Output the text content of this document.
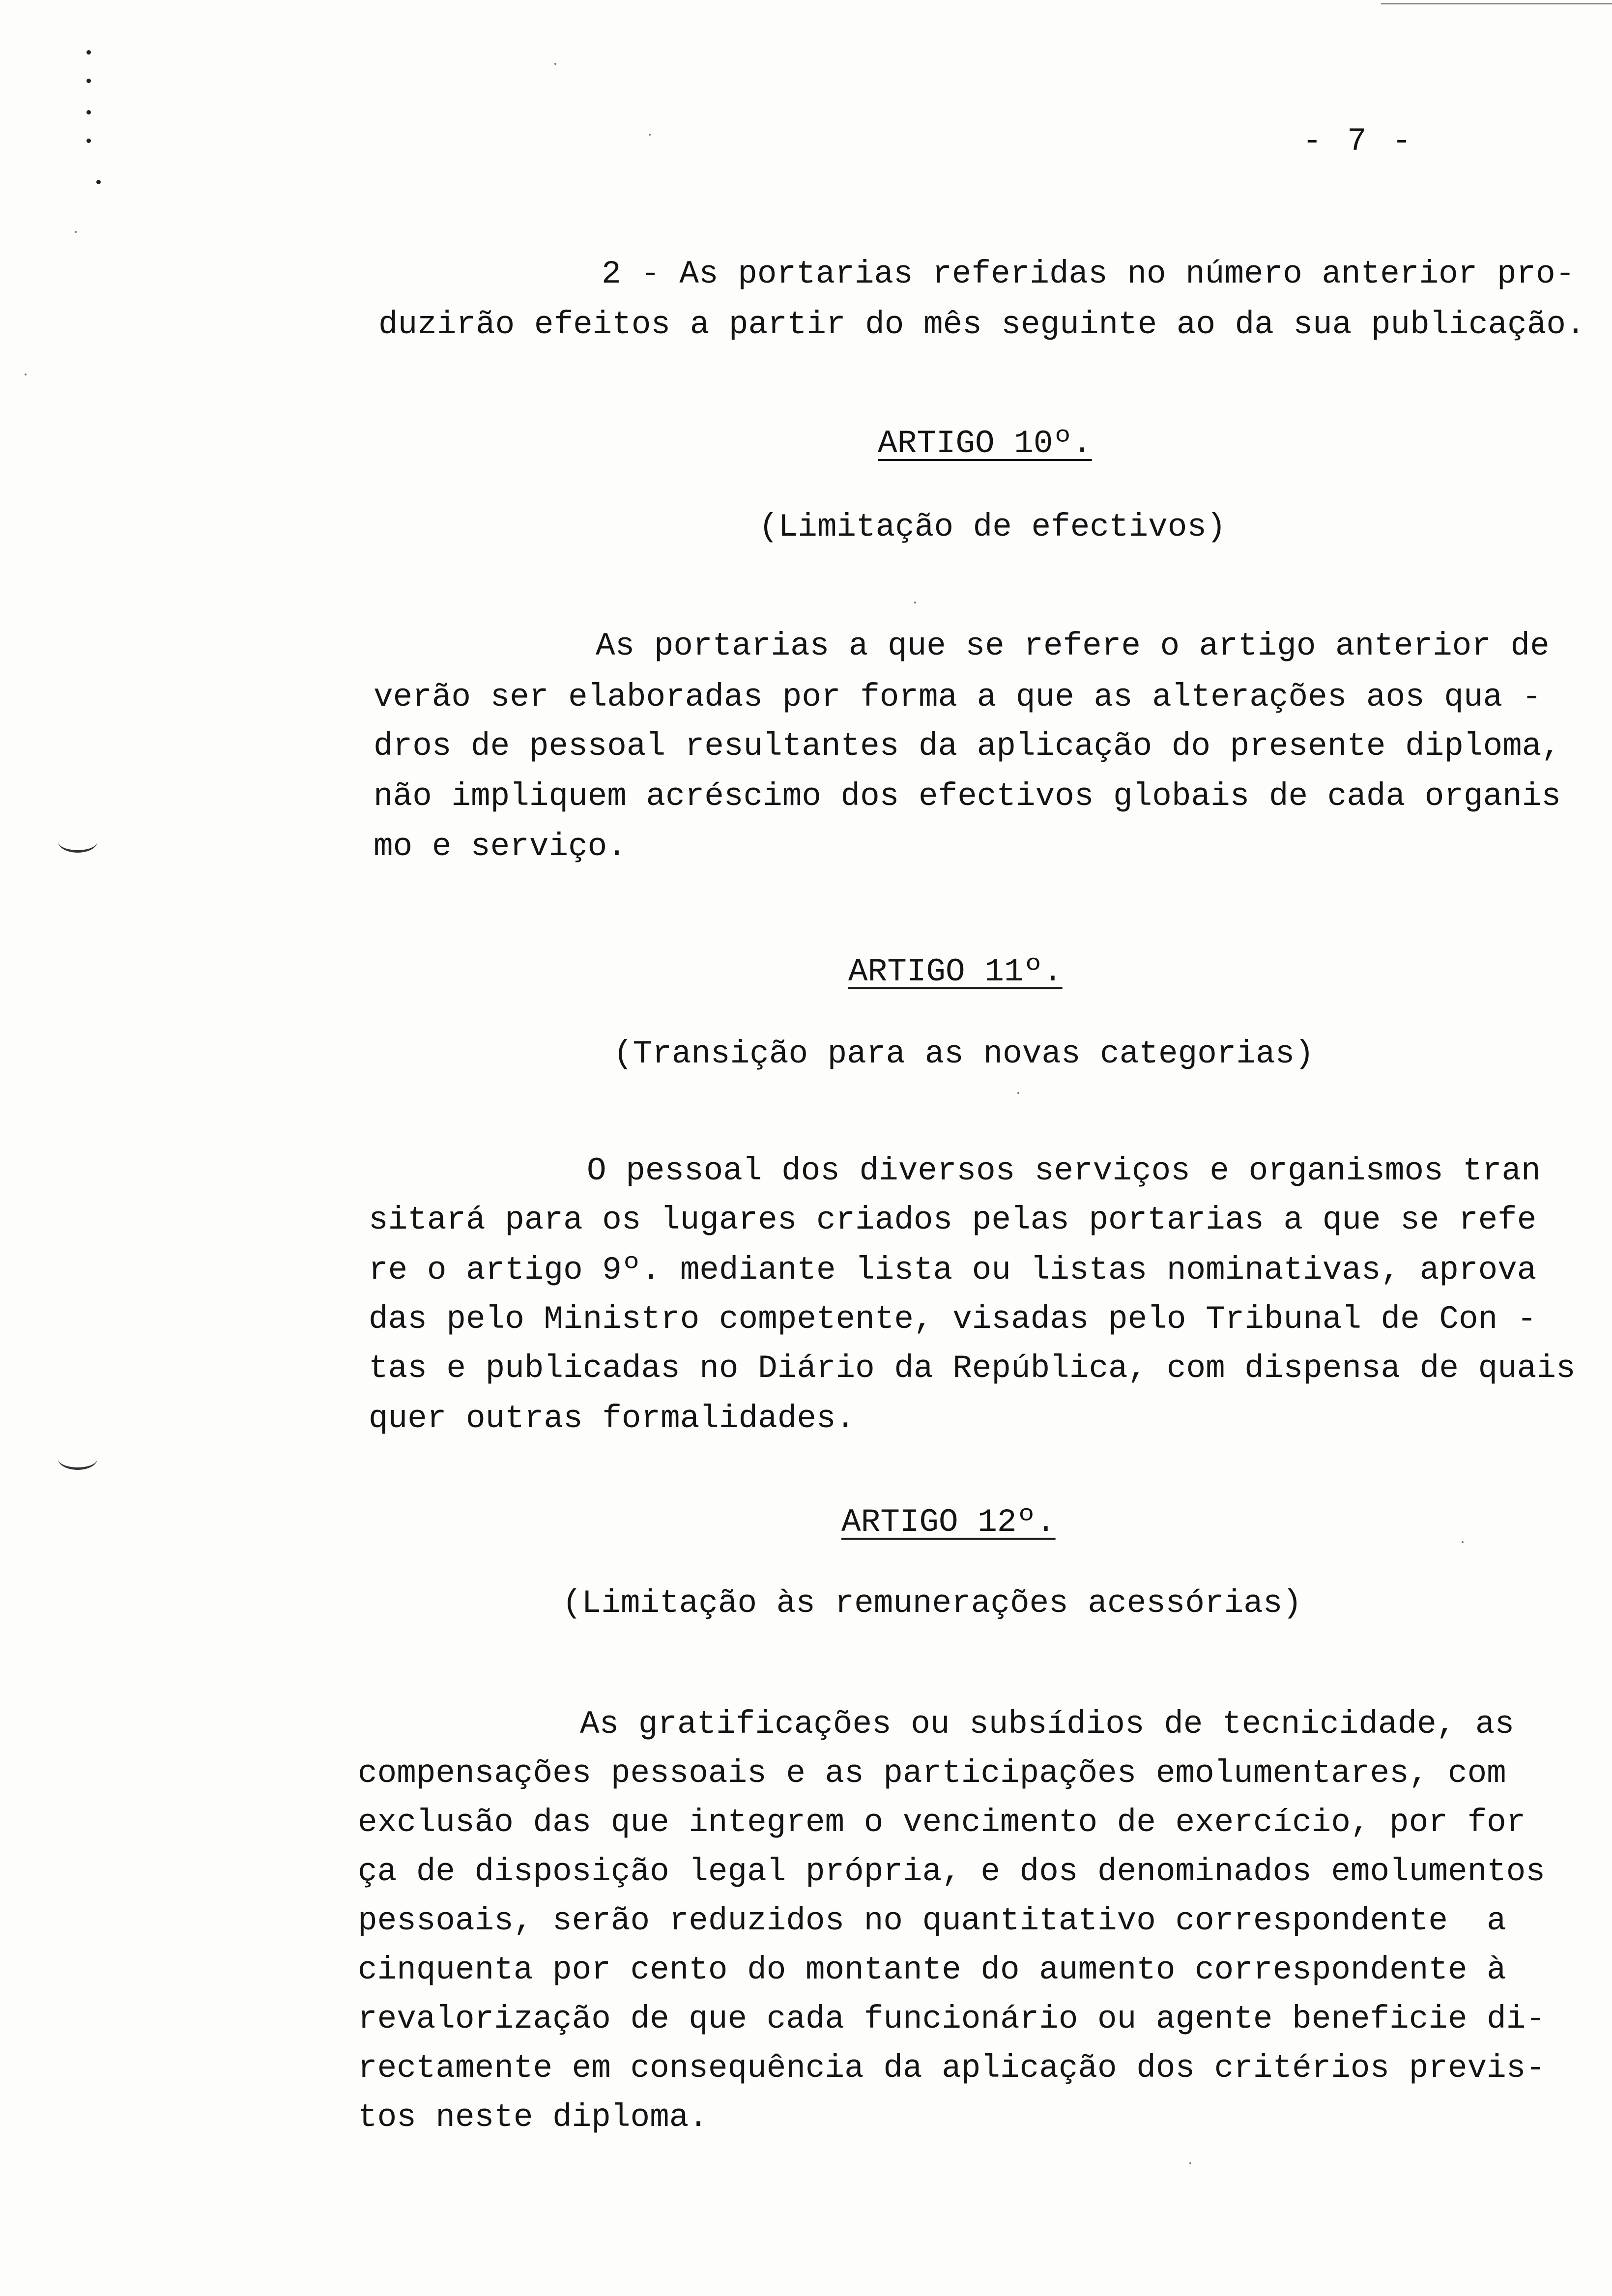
- 7 -
2 - As portarias referidas no número anterior pro-
duzirão efeitos a partir do mês seguinte ao da sua publicação.
ARTIGO 10º.
(Limitação de efectivos)
As portarias a que se refere o artigo anterior de
verão ser elaboradas por forma a que as alterações aos qua -
dros de pessoal resultantes da aplicação do presente diploma,
não impliquem acréscimo dos efectivos globais de cada organis
mo e serviço.
ARTIGO 11º.
(Transição para as novas categorias)
O pessoal dos diversos serviços e organismos tran
sitará para os lugares criados pelas portarias a que se refe
re o artigo 9º. mediante lista ou listas nominativas, aprova
das pelo Ministro competente, visadas pelo Tribunal de Con -
tas e publicadas no Diário da República, com dispensa de quais
quer outras formalidades.
ARTIGO 12º.
(Limitação às remunerações acessórias)
As gratificações ou subsídios de tecnicidade, as
compensações pessoais e as participações emolumentares, com
exclusão das que integrem o vencimento de exercício, por for
ça de disposição legal própria, e dos denominados emolumentos
pessoais, serão reduzidos no quantitativo correspondente  a
cinquenta por cento do montante do aumento correspondente à
revalorização de que cada funcionário ou agente beneficie di-
rectamente em consequência da aplicação dos critérios previs-
tos neste diploma.
